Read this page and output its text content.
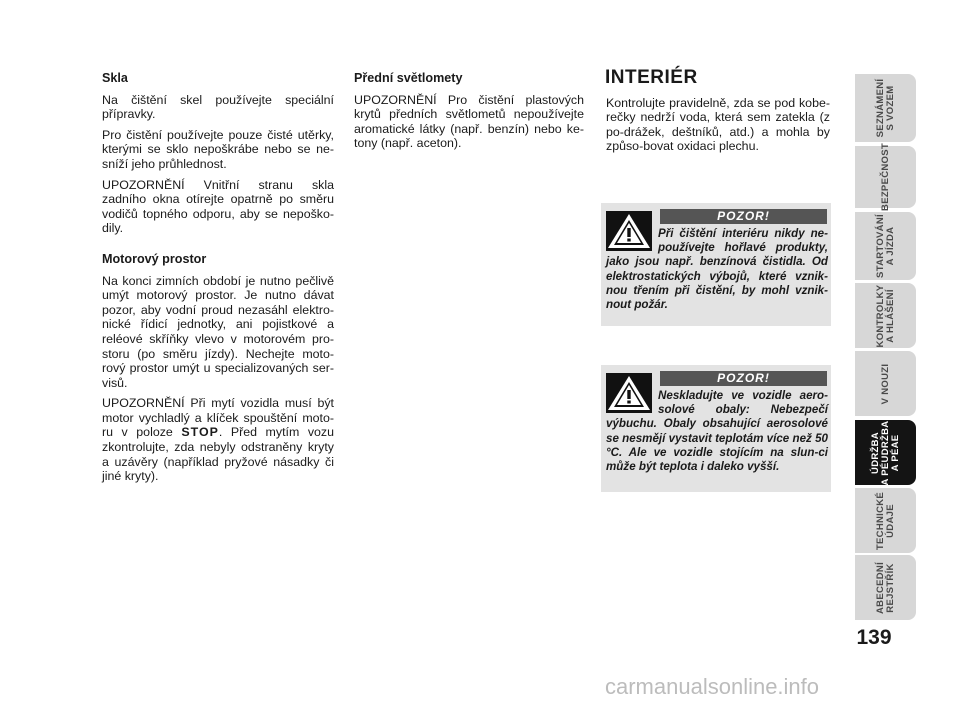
Skla

Na čištění skel používejte speciální přípravky.

Pro čistění používejte pouze čisté utěrky, kterými se sklo nepoškrábe nebo se ne-sníží jeho průhlednost.

UPOZORNĚNÍ Vnitřní stranu skla zadního okna otírejte opatrně po směru vodičů topného odporu, aby se nepoško-dily.

Motorový prostor

Na konci zimních období je nutno pečlivě umýt motorový prostor. Je nutno dávat pozor, aby vodní proud nezasáhl elektro-nické řídicí jednotky, ani pojistkové a reléové skříňky vlevo v motorovém pro-storu (po směru jízdy). Nechejte moto-rový prostor umýt u specializovaných ser-visů.

UPOZORNĚNÍ Při mytí vozidla musí být motor vychladlý a klíček spouštění moto-ru v poloze STOP. Před mytím vozu zkontrolujte, zda nebyly odstraněny kryty a uzávěry (například pryžové násadky či jiné kryty).

Přední světlomety

UPOZORNĚNÍ Pro čistění plastových krytů předních světlometů nepoužívejte aromatické látky (např. benzín) nebo ke-tony (např. aceton).

INTERIÉR

Kontrolujte pravidelně, zda se pod kobe-rečky nedrží voda, která sem zatekla (z po-drážek, deštníků, atd.) a mohla by způso-bovat oxidaci plechu.

POZOR!
Při čištění interiéru nikdy ne-používejte hořlavé produkty, jako jsou např. benzínová čistidla. Od elektrostatických výbojů, které vznik-nou třením při čistění, by mohl vznik-nout požár.
POZOR!
Neskladujte ve vozidle aero-solové obaly: Nebezpečí výbuchu. Obaly obsahující aerosolové se nesmějí vystavit teplotám více než 50 °C. Ale ve vozidle stojícím na slun-ci může být teplota i daleko vyšší.
SEZNÁMENÍ
S VOZEM
BEZPEČNOST
STARTOVÁNÍ
A JÍZDA
KONTROLKY
A HLÁŠENÍ
V NOUZI
ÚDRŽBA
A PÉUDRŽBA
A PÉAE
TECHNICKÉ
ÚDAJE
ABECEDNÍ
REJSTŘÍK
139
carmanualsonline.info
